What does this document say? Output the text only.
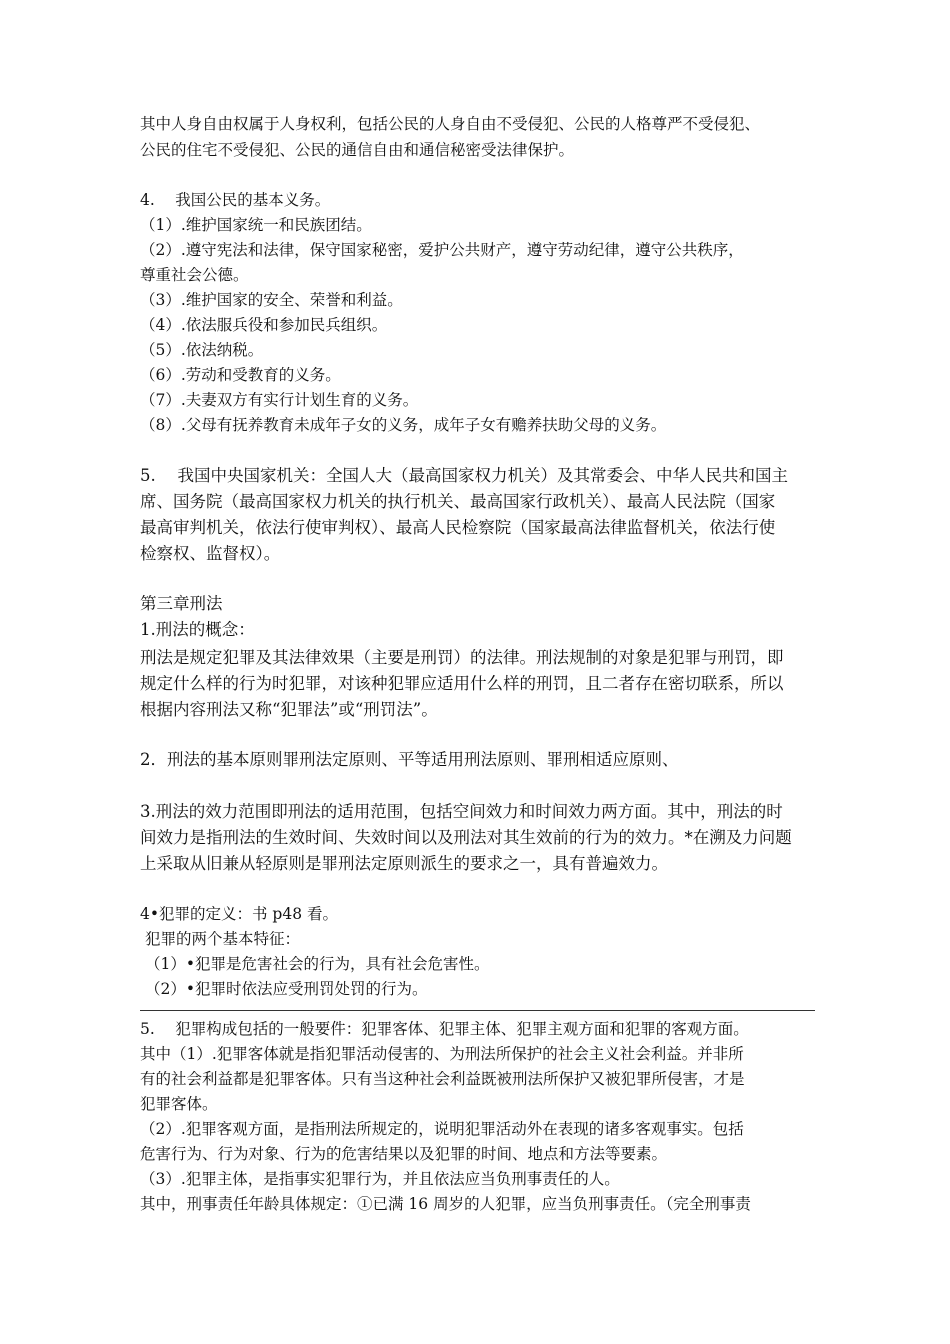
其中人身自由权属于人身权利，包括公民的人身自由不受侵犯、公民的人格尊严不受侵犯、
公民的住宅不受侵犯、公民的通信自由和通信秘密受法律保护。
4.　 我国公民的基本义务。
（1）.维护国家统一和民族团结。
（2）.遵守宪法和法律，保守国家秘密，爱护公共财产，遵守劳动纪律，遵守公共秩序，
尊重社会公德。
（3）.维护国家的安全、荣誉和利益。
（4）.依法服兵役和参加民兵组织。
（5）.依法纳税。
（6）.劳动和受教育的义务。
（7）.夫妻双方有实行计划生育的义务。
（8）.父母有抚养教育未成年子女的义务，成年子女有赡养扶助父母的义务。
5.　 我国中央国家机关：全国人大（最高国家权力机关）及其常委会、中华人民共和国主
席、国务院（最高国家权力机关的执行机关、最高国家行政机关）、最高人民法院（国家
最高审判机关，依法行使审判权）、最高人民检察院（国家最高法律监督机关，依法行使
检察权、监督权）。
第三章刑法
1.刑法的概念：
刑法是规定犯罪及其法律效果（主要是刑罚）的法律。刑法规制的对象是犯罪与刑罚，即
规定什么样的行为时犯罪，对该种犯罪应适用什么样的刑罚，且二者存在密切联系，所以
根据内容刑法又称“犯罪法”或“刑罚法”。
2．刑法的基本原则罪刑法定原则、平等适用刑法原则、罪刑相适应原则、
3.刑法的效力范围即刑法的适用范围，包括空间效力和时间效力两方面。其中，刑法的时
间效力是指刑法的生效时间、失效时间以及刑法对其生效前的行为的效力。*在溯及力问题
上采取从旧兼从轻原则是罪刑法定原则派生的要求之一，具有普遍效力。
4•犯罪的定义：书 p48 看。
犯罪的两个基本特征：
（1）•犯罪是危害社会的行为，具有社会危害性。
（2）•犯罪时依法应受刑罚处罚的行为。
5.　 犯罪构成包括的一般要件：犯罪客体、犯罪主体、犯罪主观方面和犯罪的客观方面。
其中（1）.犯罪客体就是指犯罪活动侵害的、为刑法所保护的社会主义社会利益。并非所
有的社会利益都是犯罪客体。只有当这种社会利益既被刑法所保护又被犯罪所侵害，才是
犯罪客体。
（2）.犯罪客观方面，是指刑法所规定的，说明犯罪活动外在表现的诸多客观事实。包括
危害行为、行为对象、行为的危害结果以及犯罪的时间、地点和方法等要素。
（3）.犯罪主体，是指事实犯罪行为，并且依法应当负刑事责任的人。
其中，刑事责任年龄具体规定：①已满 16 周岁的人犯罪，应当负刑事责任。（完全刑事责
